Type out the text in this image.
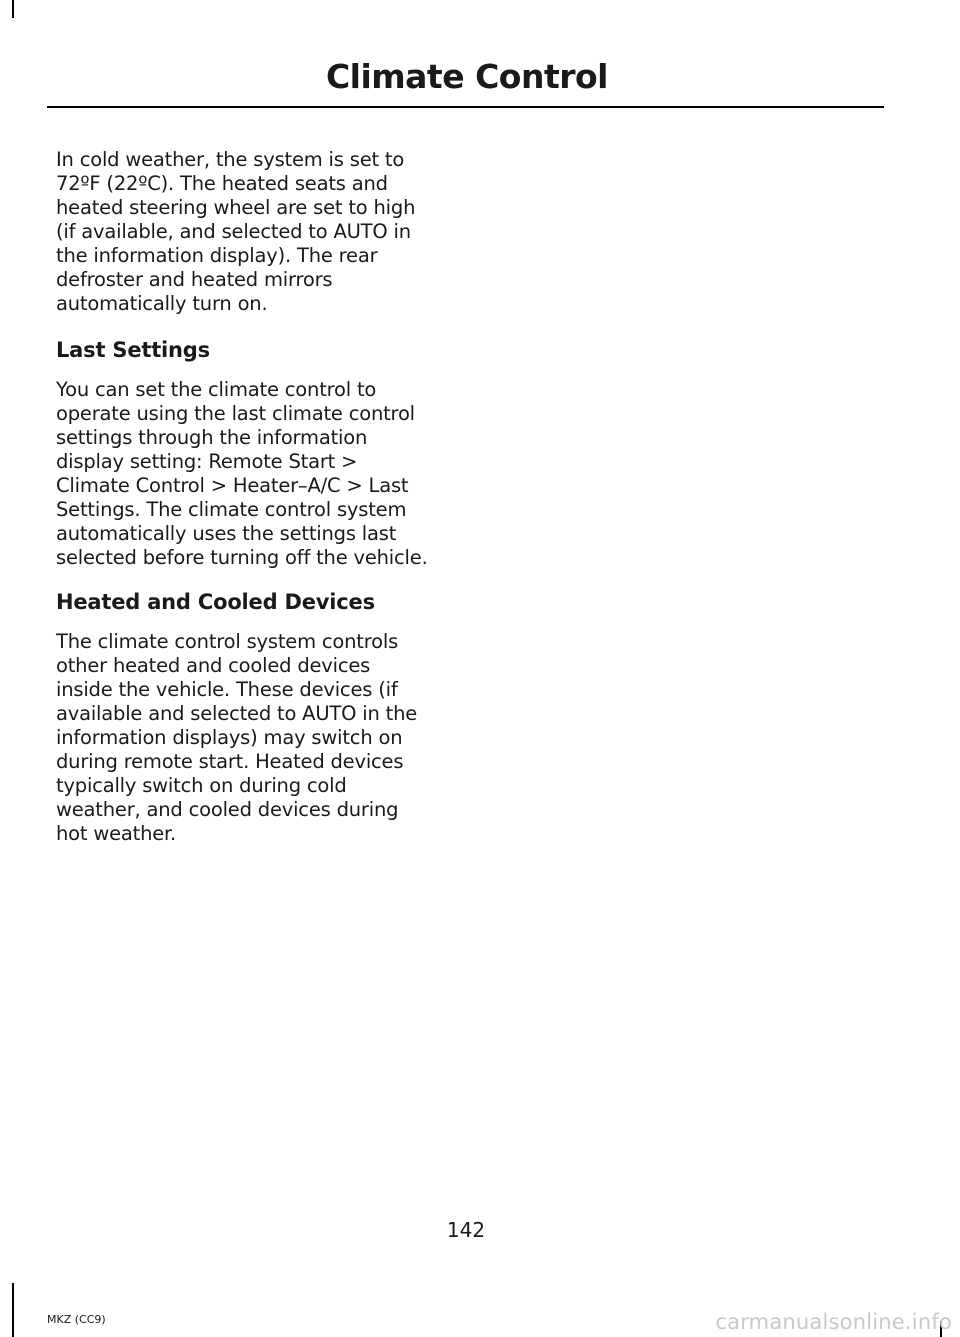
Climate Control

In cold weather, the system is set to

72ºF (22ºC). The heated seats and

heated steering wheel are set to high

(if available, and selected to AUTO in

the information display). The rear

defroster and heated mirrors

automatically turn on.

Last Settings

You can set the climate control to

operate using the last climate control

settings through the information

display setting: Remote Start >

Climate Control > Heater–A/C > Last

Settings. The climate control system

automatically uses the settings last

selected before turning off the vehicle.

Heated and Cooled Devices

The climate control system controls

other heated and cooled devices

inside the vehicle. These devices (if

available and selected to AUTO in the

information displays) may switch on

during remote start. Heated devices

typically switch on during cold

weather, and cooled devices during

hot weather.

142
MKZ (CC9)	carmanualsonline.info
